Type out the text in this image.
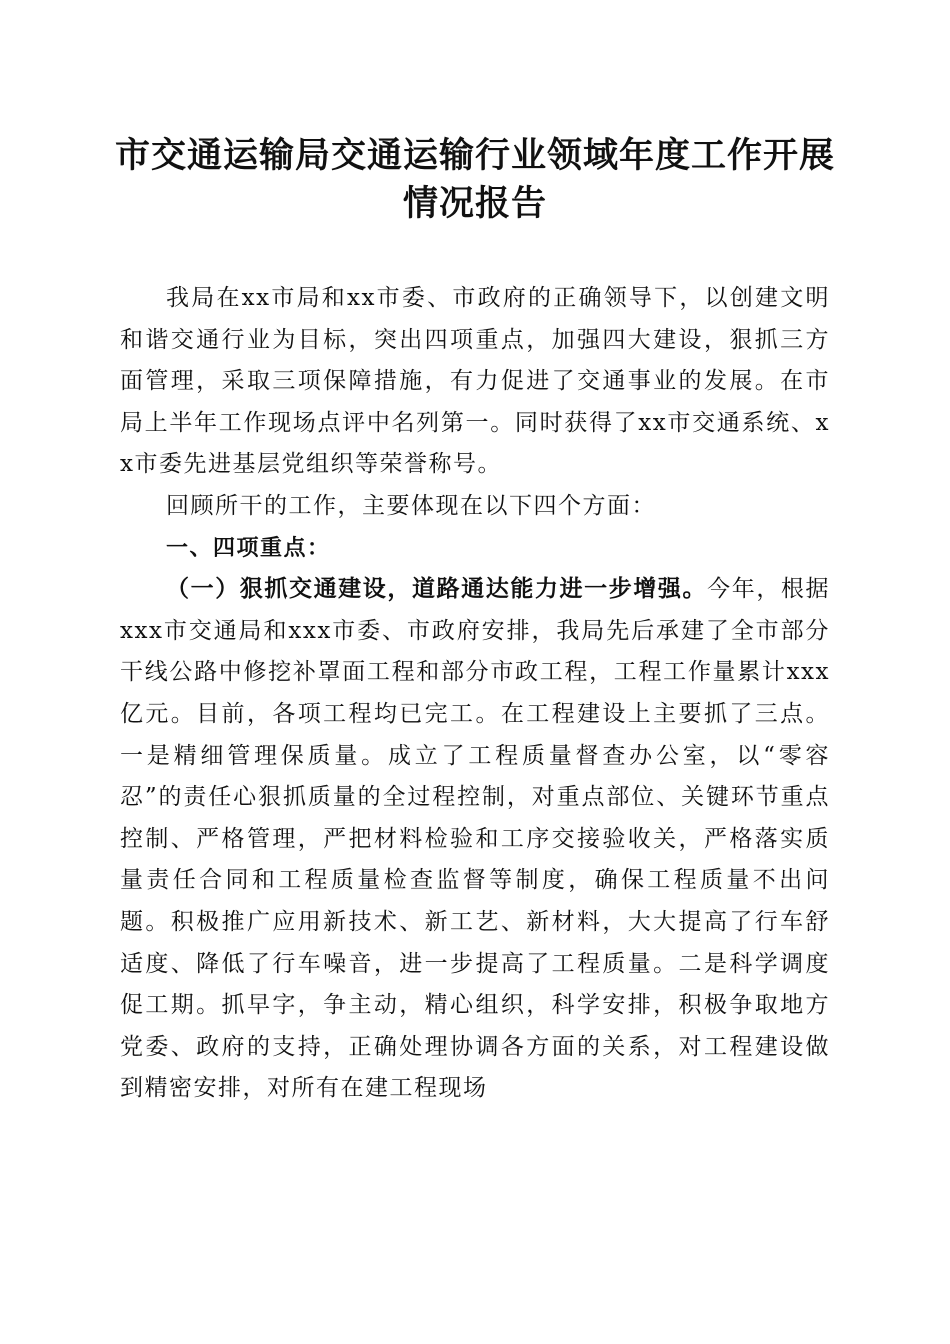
市交通运输局交通运输行业领域年度工作开展
情况报告

我局在xx市局和xx市委、市政府的正确领导下，以创建文明和谐交通行业为目标，突出四项重点，加强四大建设，狠抓三方面管理，采取三项保障措施，有力促进了交通事业的发展。在市局上半年工作现场点评中名列第一。同时获得了xx市交通系统、xx市委先进基层党组织等荣誉称号。

回顾所干的工作，主要体现在以下四个方面：

一、四项重点：

（一）狠抓交通建设，道路通达能力进一步增强。今年，根据xxx市交通局和xxx市委、市政府安排，我局先后承建了全市部分干线公路中修挖补罩面工程和部分市政工程，工程工作量累计xxx亿元。目前，各项工程均已完工。在工程建设上主要抓了三点。一是精细管理保质量。成立了工程质量督查办公室，以“零容忍”的责任心狠抓质量的全过程控制，对重点部位、关键环节重点控制、严格管理，严把材料检验和工序交接验收关，严格落实质量责任合同和工程质量检查监督等制度，确保工程质量不出问题。积极推广应用新技术、新工艺、新材料，大大提高了行车舒适度、降低了行车噪音，进一步提高了工程质量。二是科学调度促工期。抓早字，争主动，精心组织，科学安排，积极争取地方党委、政府的支持，正确处理协调各方面的关系，对工程建设做到精密安排，对所有在建工程现场
